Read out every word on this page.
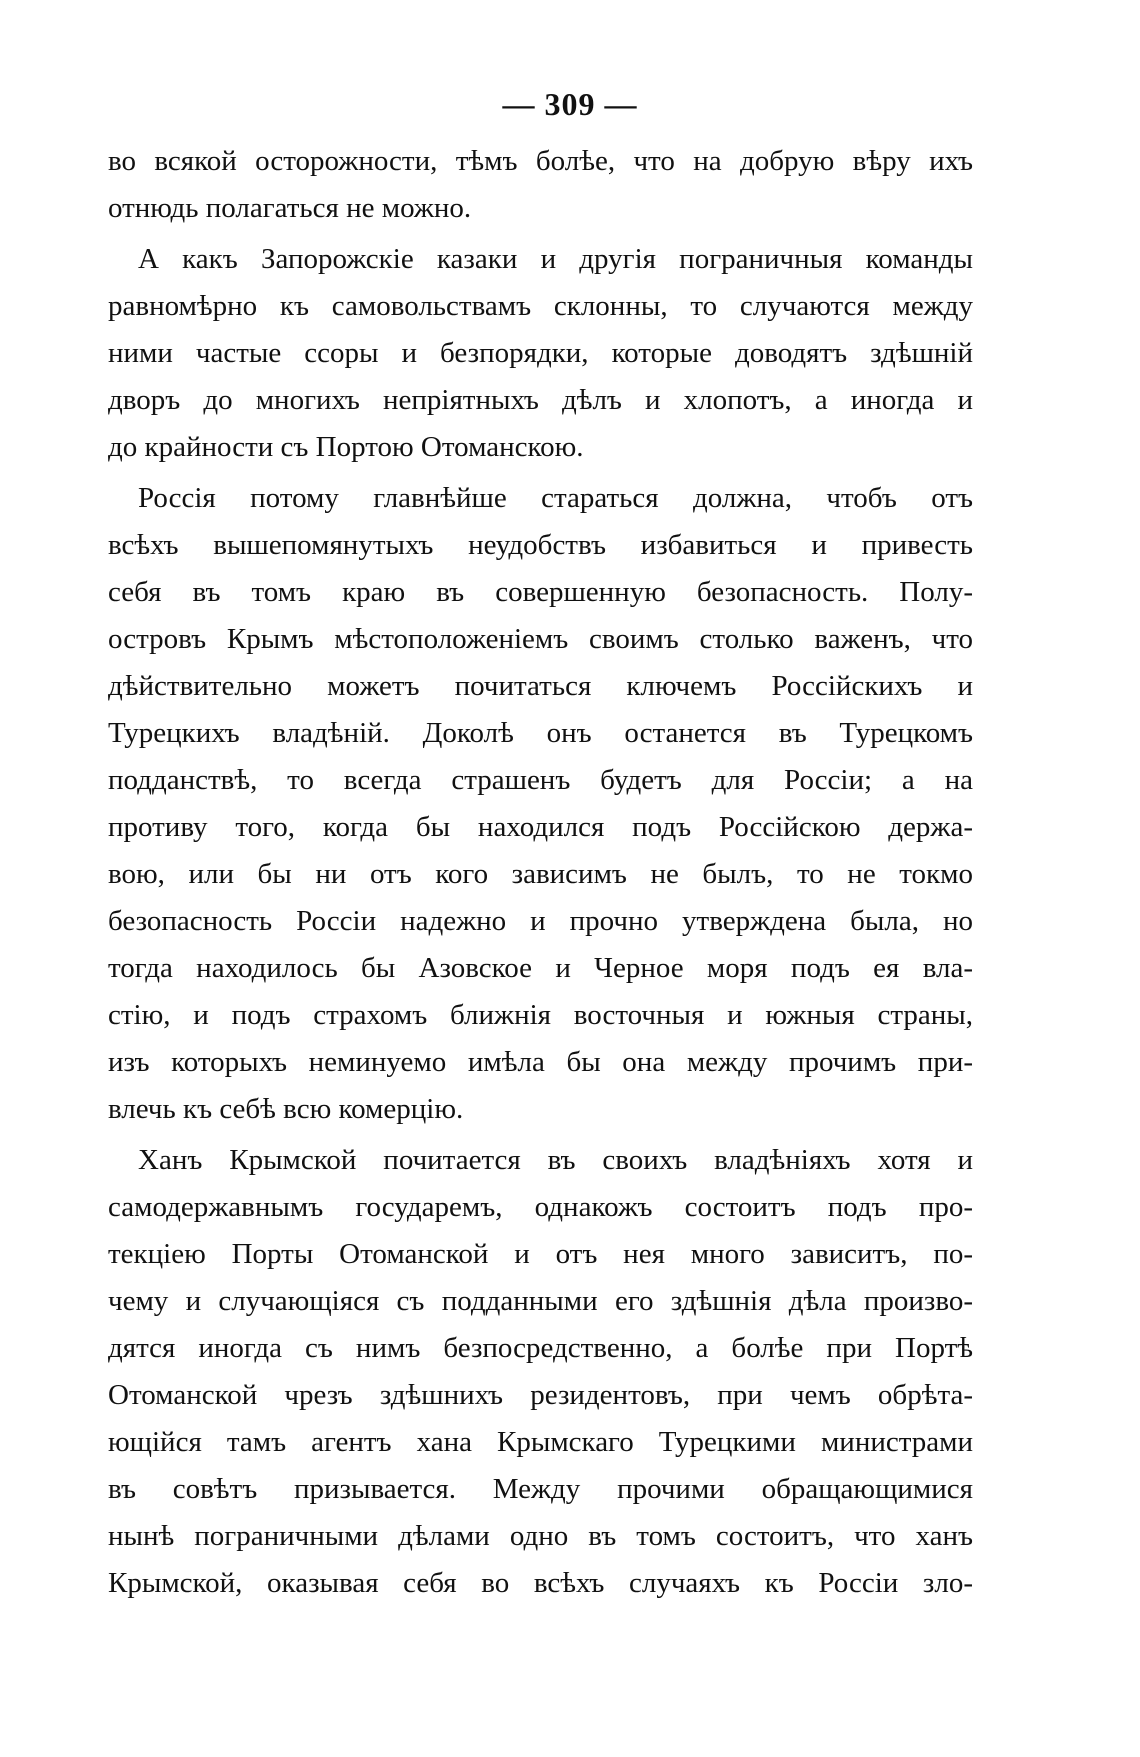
— 309 —
во всякой осторожности, тѣмъ болѣе, что на добрую вѣру ихъ
отнюдь полагаться не можно.
А какъ Запорожскіе казаки и другія пограничныя команды
равномѣрно къ самовольствамъ склонны, то случаются между
ними частые ссоры и безпорядки, которые доводятъ здѣшній
дворъ до многихъ непріятныхъ дѣлъ и хлопотъ, а иногда и
до крайности съ Портою Отоманскою.
Россія потому главнѣйше стараться должна, чтобъ отъ
всѣхъ вышепомянутыхъ неудобствъ избавиться и привесть
себя въ томъ краю въ совершенную безопасность. Полу-
островъ Крымъ мѣстоположеніемъ своимъ столько важенъ, что
дѣйствительно можетъ почитаться ключемъ Россійскихъ и
Турецкихъ владѣній. Доколѣ онъ останется въ Турецкомъ
подданствѣ, то всегда страшенъ будетъ для Россіи; а на
противу того, когда бы находился подъ Россійскою держа-
вою, или бы ни отъ кого зависимъ не былъ, то не токмо
безопасность Россіи надежно и прочно утверждена была, но
тогда находилось бы Азовское и Черное моря подъ ея вла-
стію, и подъ страхомъ ближнія восточныя и южныя страны,
изъ которыхъ неминуемо имѣла бы она между прочимъ при-
влечь къ себѣ всю комерцію.
Ханъ Крымской почитается въ своихъ владѣніяхъ хотя и
самодержавнымъ государемъ, однакожъ состоитъ подъ про-
текціею Порты Отоманской и отъ нея много зависитъ, по-
чему и случающіяся съ подданными его здѣшнія дѣла произво-
дятся иногда съ нимъ безпосредственно, а болѣе при Портѣ
Отоманской чрезъ здѣшнихъ резидентовъ, при чемъ обрѣта-
ющійся тамъ агентъ хана Крымскаго Турецкими министрами
въ совѣтъ призывается. Между прочими обращающимися
нынѣ пограничными дѣлами одно въ томъ состоитъ, что ханъ
Крымской, оказывая себя во всѣхъ случаяхъ къ Россіи зло-
